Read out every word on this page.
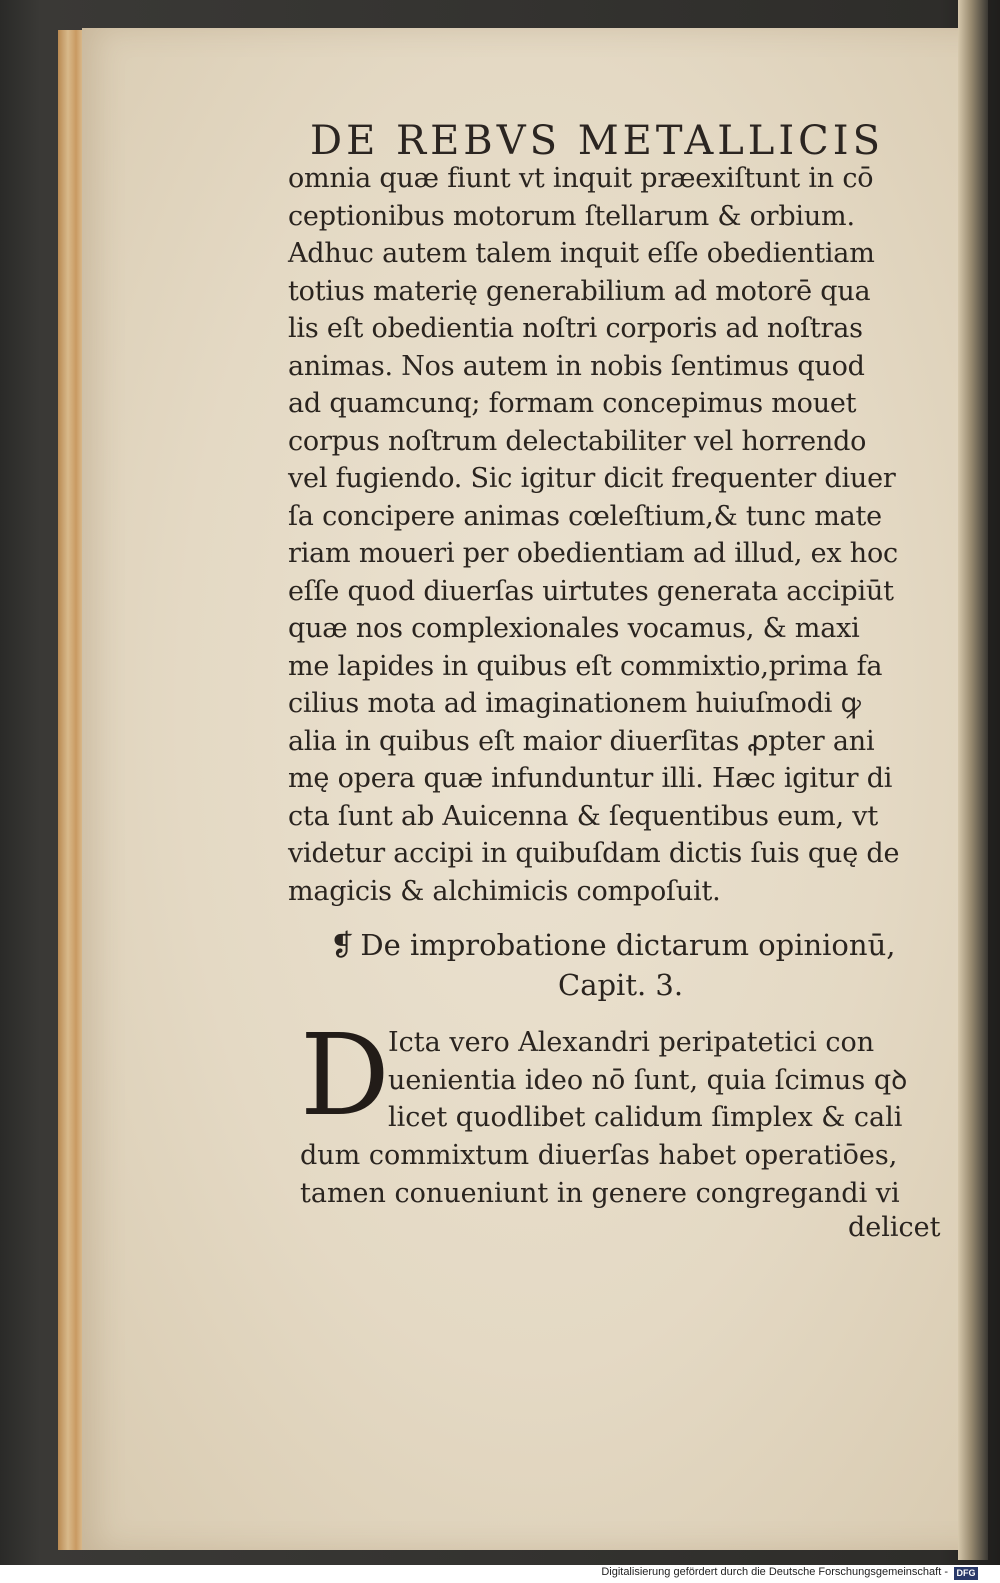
DE REBVS METALLICIS
omnia quæ fiunt vt inquit præexiſtunt in cō
ceptionibus motorum ſtellarum & orbium.
Adhuc autem talem inquit eſſe obedientiam
totius materię generabilium ad motorē qua
lis eſt obedientia noſtri corporis ad noſtras
animas. Nos autem in nobis ſentimus quod
ad quamcunq; formam concepimus mouet
corpus noſtrum delectabiliter vel horrendo
vel fugiendo. Sic igitur dicit frequenter diuer
ſa concipere animas cœleſtium,& tunc mate
riam moueri per obedientiam ad illud, ex hoc
eſſe quod diuerſas uirtutes generata accipiūt
quæ nos complexionales vocamus, & maxi
me lapides in quibus eſt commixtio,prima fa
cilius mota ad imaginationem huiuſmodi ꝙ
alia in quibus eſt maior diuerſitas ꝓpter ani
mę opera quæ infunduntur illi. Hæc igitur di
cta ſunt ab Auicenna & ſequentibus eum, vt
videtur accipi in quibuſdam dictis ſuis quę de
magicis & alchimicis compoſuit.
❡ De improbatione dictarum opinionū,
Capit. 3.
D
Icta vero Alexandri peripatetici con
uenientia ideo nō ſunt, quia ſcimus qꝺ
licet quodlibet calidum ſimplex & cali
dum commixtum diuerſas habet operatiōes,
tamen conueniunt in genere congregandi vi
delicet
Digitalisierung gefördert durch die Deutsche Forschungsgemeinschaft - DFG
